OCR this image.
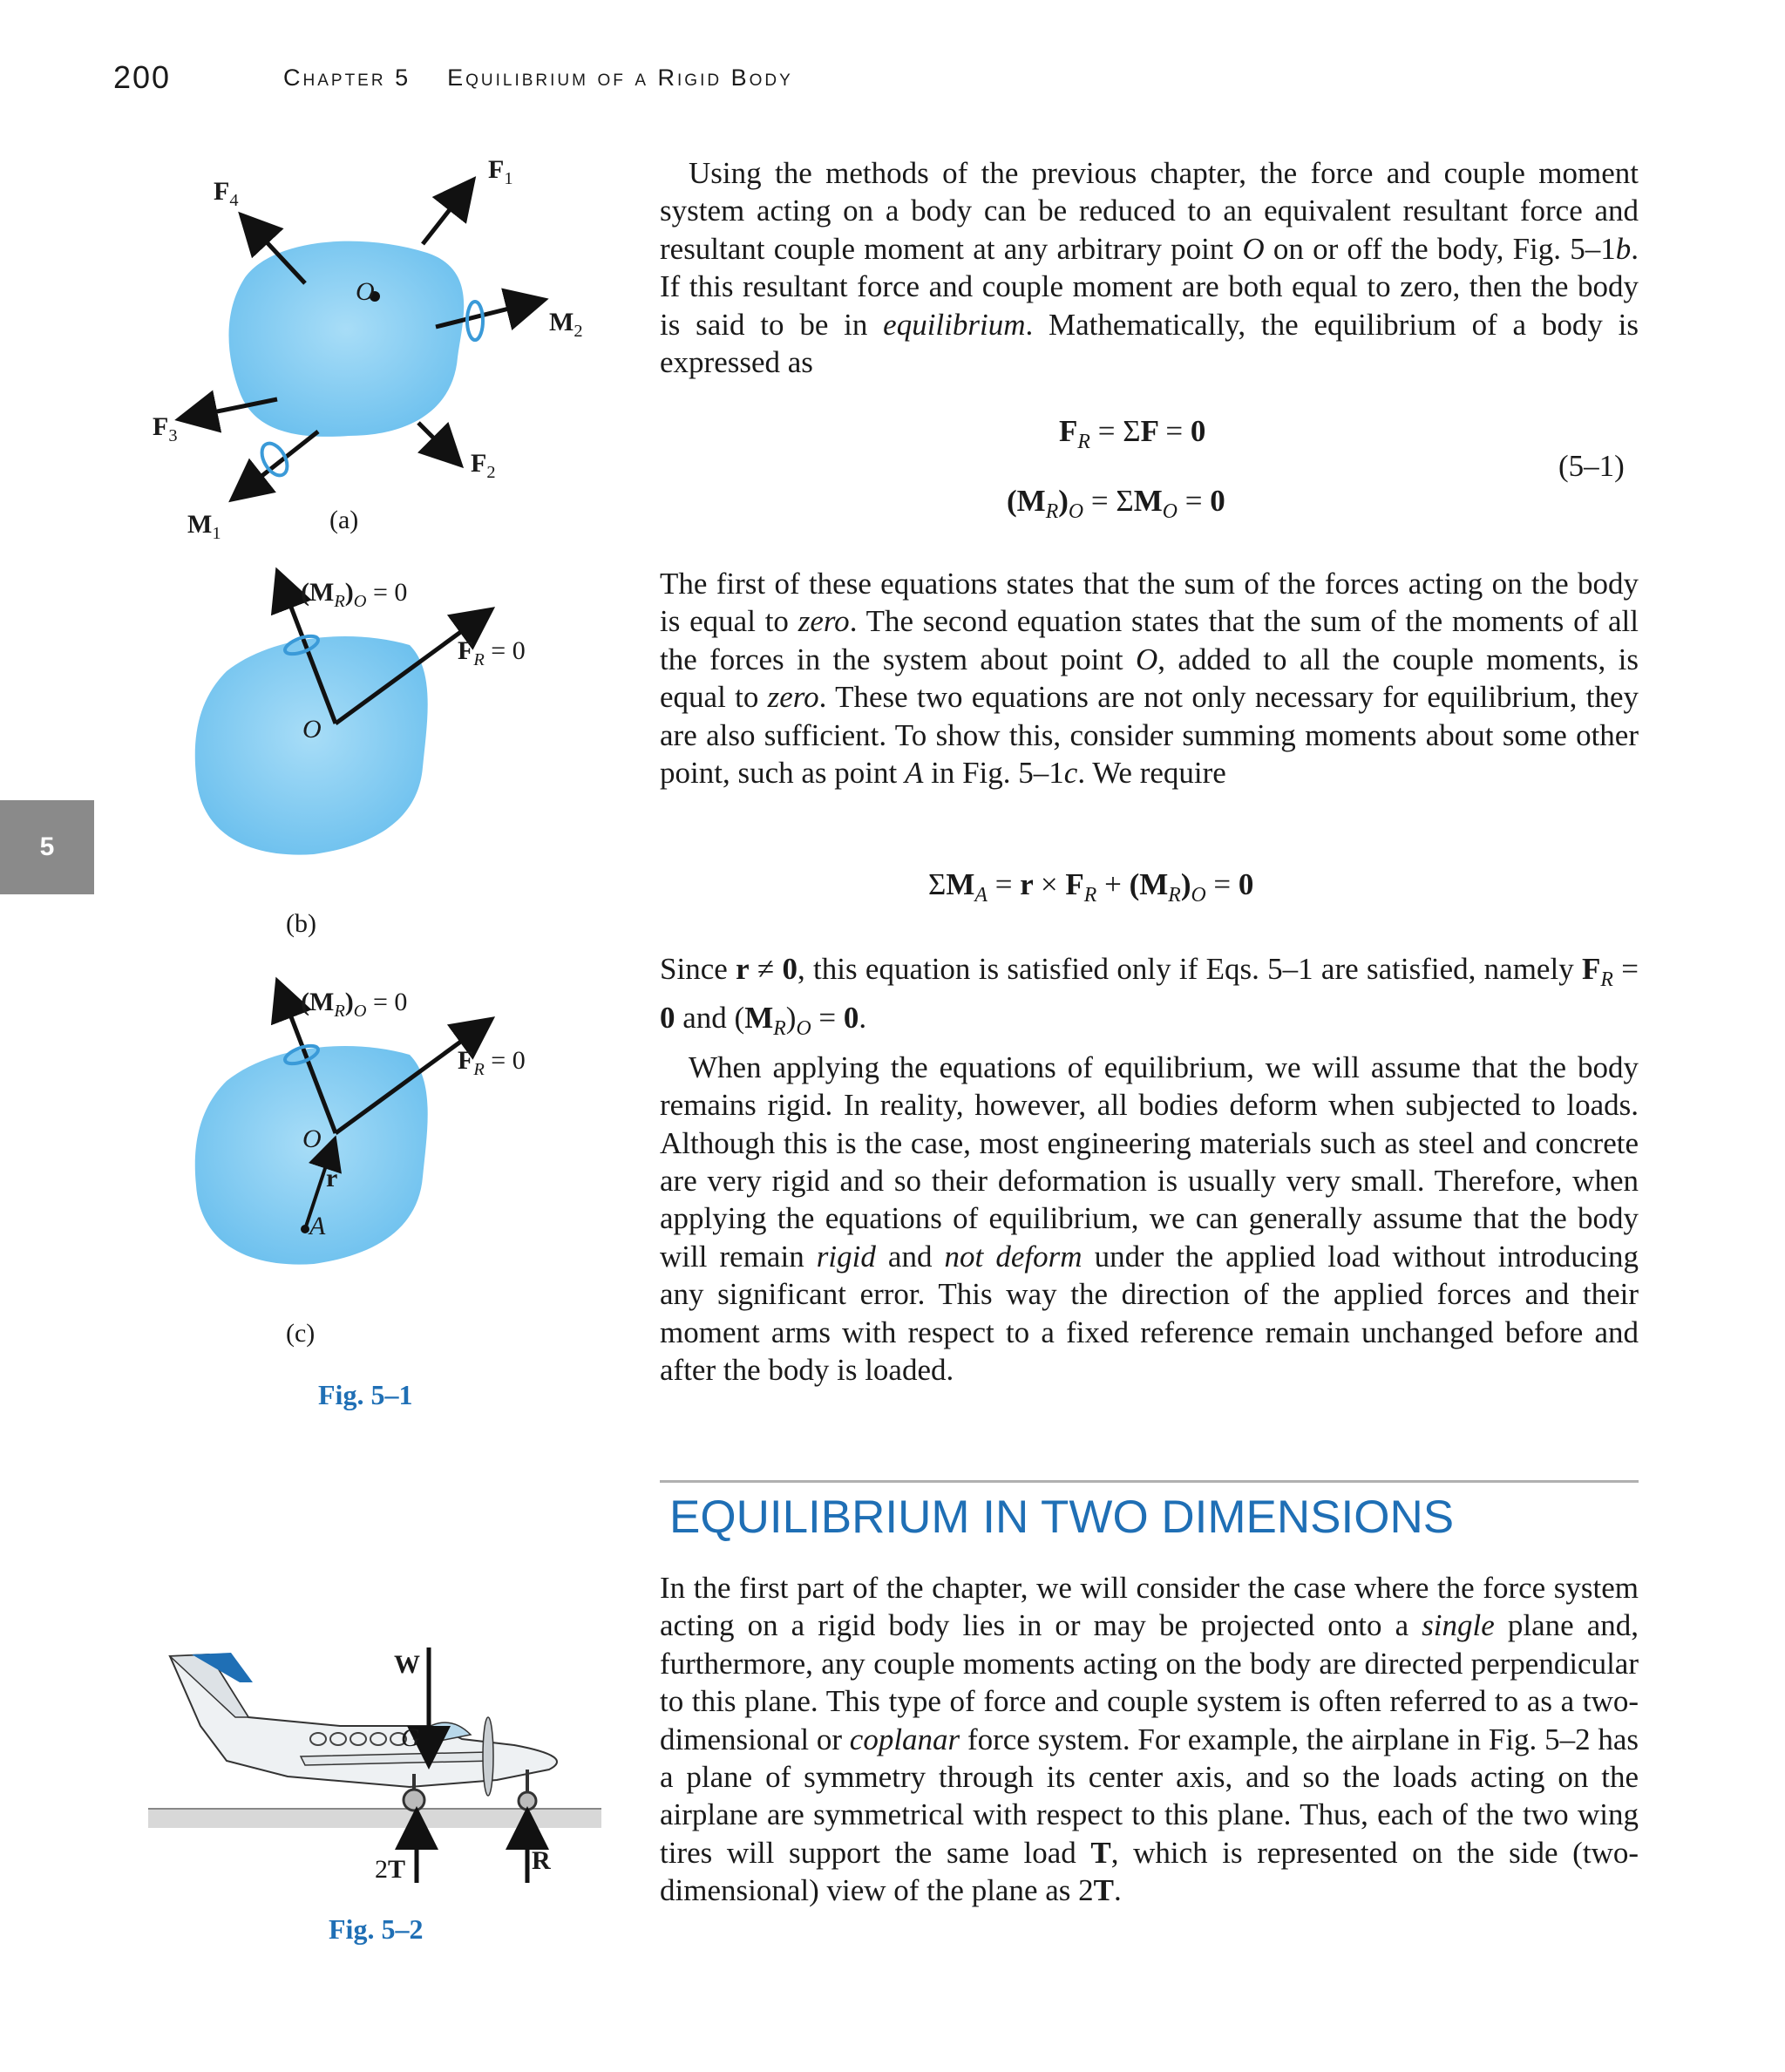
200	Chapter 5 Equilibrium of a Rigid Body
5
O
$F_1$
$F_4$
$M_2$
$F_3$
$F_2$
$M_1$	(a)
$(M_R)_O = 0$
$F_R = 0$
O
(b)
$(M_R)_O = 0$
$F_R = 0$
O
r
A
(c)
Fig. 5–1
W
G
2T	R
Fig. 5–2

Using the methods of the previous chapter, the force and couple moment system acting on a body can be reduced to an equivalent resultant force and resultant couple moment at any arbitrary point O on or off the body, Fig. 5–1b. If this resultant force and couple moment are both equal to zero, then the body is said to be in equilibrium. Mathematically, the equilibrium of a body is expressed as

$F_R = \Sigma F = 0$
$(M_R)_O = \Sigma M_O = 0$
(5–1)

The first of these equations states that the sum of the forces acting on the body is equal to zero. The second equation states that the sum of the moments of all the forces in the system about point O, added to all the couple moments, is equal to zero. These two equations are not only necessary for equilibrium, they are also sufficient. To show this, consider summing moments about some other point, such as point A in Fig. 5–1c. We require

$\Sigma M_A = r \times F_R + (M_R)_O = 0$

Since r ≠ 0, this equation is satisfied only if Eqs. 5–1 are satisfied, namely $F_R = 0$ and $(M_R)_O = 0$.

When applying the equations of equilibrium, we will assume that the body remains rigid. In reality, however, all bodies deform when subjected to loads. Although this is the case, most engineering materials such as steel and concrete are very rigid and so their deformation is usually very small. Therefore, when applying the equations of equilibrium, we can generally assume that the body will remain rigid and not deform under the applied load without introducing any significant error. This way the direction of the applied forces and their moment arms with respect to a fixed reference remain unchanged before and after the body is loaded.

EQUILIBRIUM IN TWO DIMENSIONS

In the first part of the chapter, we will consider the case where the force system acting on a rigid body lies in or may be projected onto a single plane and, furthermore, any couple moments acting on the body are directed perpendicular to this plane. This type of force and couple system is often referred to as a two-dimensional or coplanar force system. For example, the airplane in Fig. 5–2 has a plane of symmetry through its center axis, and so the loads acting on the airplane are symmetrical with respect to this plane. Thus, each of the two wing tires will support the same load T, which is represented on the side (two-dimensional) view of the plane as 2T.
